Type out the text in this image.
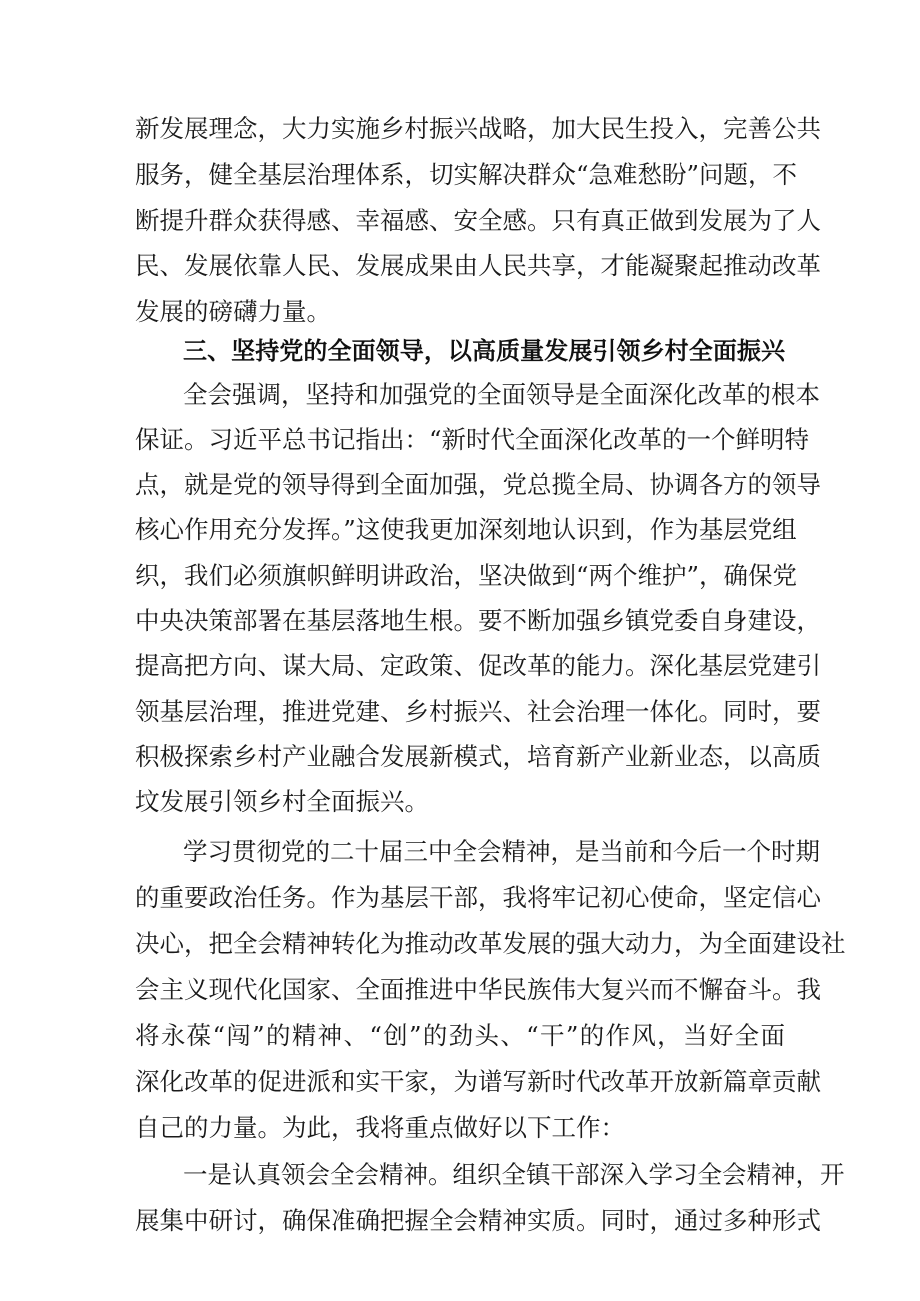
新发展理念，大力实施乡村振兴战略，加大民生投入，完善公共
服务，健全基层治理体系，切实解决群众“急难愁盼”问题，不
断提升群众获得感、幸福感、安全感。只有真正做到发展为了人
民、发展依靠人民、发展成果由人民共享，才能凝聚起推动改革
发展的磅礴力量。
三、坚持党的全面领导，以高质量发展引领乡村全面振兴
全会强调，坚持和加强党的全面领导是全面深化改革的根本
保证。习近平总书记指出：“新时代全面深化改革的一个鲜明特
点，就是党的领导得到全面加强，党总揽全局、协调各方的领导
核心作用充分发挥。”这使我更加深刻地认识到，作为基层党组
织，我们必须旗帜鲜明讲政治，坚决做到“两个维护”，确保党
中央决策部署在基层落地生根。要不断加强乡镇党委自身建设，
提高把方向、谋大局、定政策、促改革的能力。深化基层党建引
领基层治理，推进党建、乡村振兴、社会治理一体化。同时，要
积极探索乡村产业融合发展新模式，培育新产业新业态，以高质
坟发展引领乡村全面振兴。
学习贯彻党的二十届三中全会精神，是当前和今后一个时期
的重要政治任务。作为基层干部，我将牢记初心使命，坚定信心
决心，把全会精神转化为推动改革发展的强大动力，为全面建设社
会主义现代化国家、全面推进中华民族伟大复兴而不懈奋斗。我
将永葆“闯”的精神、“创”的劲头、“干”的作风，当好全面
深化改革的促进派和实干家，为谱写新时代改革开放新篇章贡献
自己的力量。为此，我将重点做好以下工作：
一是认真领会全会精神。组织全镇干部深入学习全会精神，开
展集中研讨，确保准确把握全会精神实质。同时，通过多种形式
